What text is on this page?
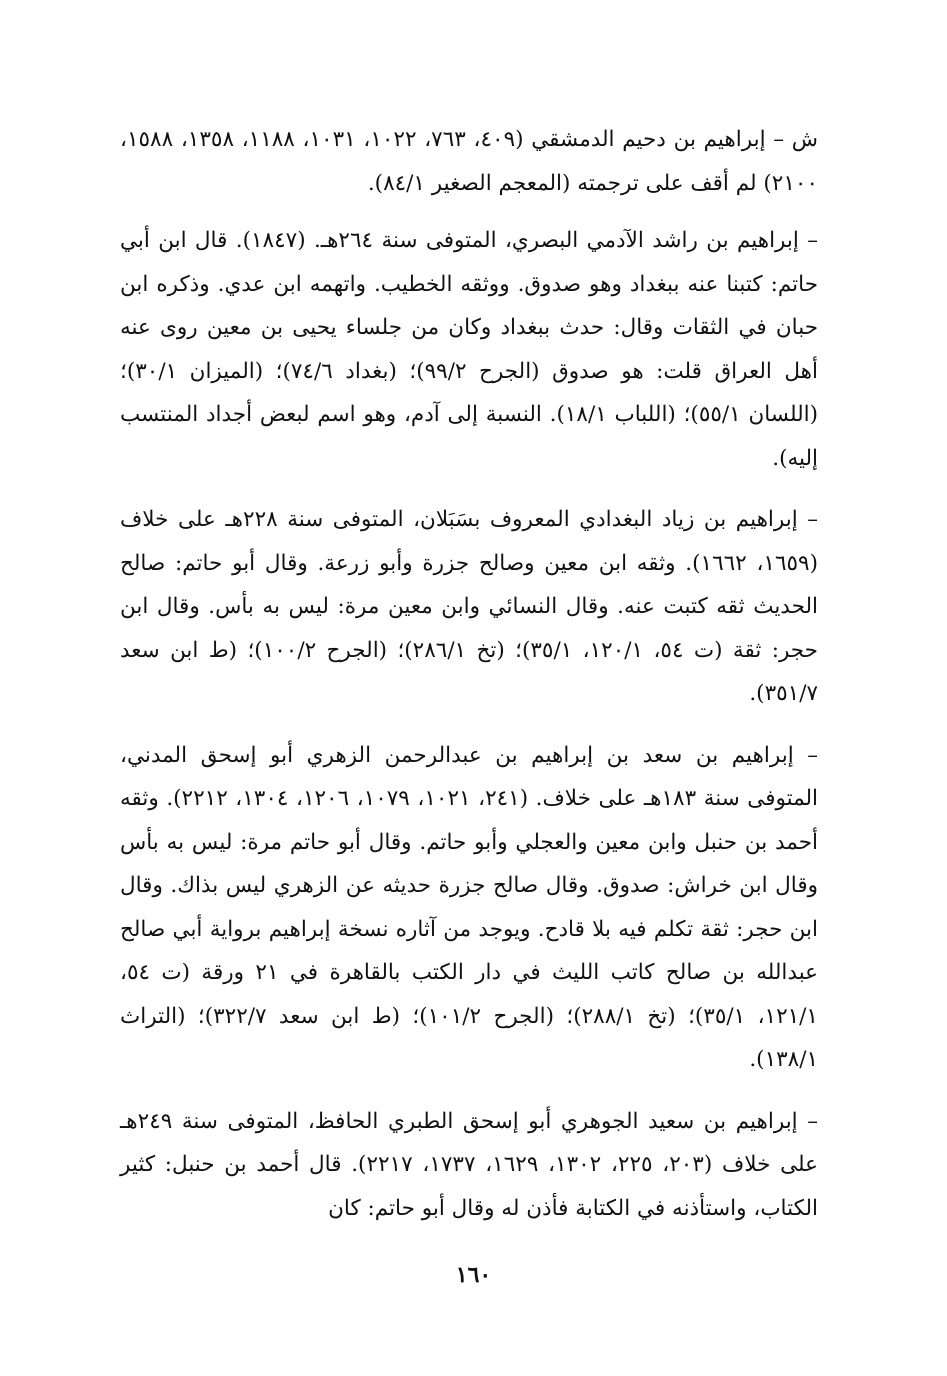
ش – إبراهيم بن دحيم الدمشقي (٤٠٩، ٧٦٣، ١٠٢٢، ١٠٣١، ١١٨٨، ١٣٥٨، ١٥٨٨، ٢١٠٠) لم أقف على ترجمته (المعجم الصغير ٨٤/١).

– إبراهيم بن راشد الآدمي البصري، المتوفى سنة ٢٦٤هـ. (١٨٤٧). قال ابن أبي حاتم: كتبنا عنه ببغداد وهو صدوق. ووثقه الخطيب. واتهمه ابن عدي. وذكره ابن حبان في الثقات وقال: حدث ببغداد وكان من جلساء يحيى بن معين روى عنه أهل العراق قلت: هو صدوق (الجرح ٩٩/٢)؛ (بغداد ٧٤/٦)؛ (الميزان ٣٠/١)؛ (اللسان ٥٥/١)؛ (اللباب ١٨/١). النسبة إلى آدم، وهو اسم لبعض أجداد المنتسب إليه).

– إبراهيم بن زياد البغدادي المعروف بسَبَلان، المتوفى سنة ٢٢٨هـ على خلاف (١٦٥٩، ١٦٦٢). وثقه ابن معين وصالح جزرة وأبو زرعة. وقال أبو حاتم: صالح الحديث ثقه كتبت عنه. وقال النسائي وابن معين مرة: ليس به بأس. وقال ابن حجر: ثقة (ت ٥٤، ١٢٠/١، ٣٥/١)؛ (تخ ٢٨٦/١)؛ (الجرح ١٠٠/٢)؛ (ط ابن سعد ٣٥١/٧).

– إبراهيم بن سعد بن إبراهيم بن عبدالرحمن الزهري أبو إسحق المدني، المتوفى سنة ١٨٣هـ على خلاف. (٢٤١، ١٠٢١، ١٠٧٩، ١٢٠٦، ١٣٠٤، ٢٢١٢). وثقه أحمد بن حنبل وابن معين والعجلي وأبو حاتم. وقال أبو حاتم مرة: ليس به بأس وقال ابن خراش: صدوق. وقال صالح جزرة حديثه عن الزهري ليس بذاك. وقال ابن حجر: ثقة تكلم فيه بلا قادح. ويوجد من آثاره نسخة إبراهيم برواية أبي صالح عبدالله بن صالح كاتب الليث في دار الكتب بالقاهرة في ٢١ ورقة (ت ٥٤، ١٢١/١، ٣٥/١)؛ (تخ ٢٨٨/١)؛ (الجرح ١٠١/٢)؛ (ط ابن سعد ٣٢٢/٧)؛ (التراث ١٣٨/١).

– إبراهيم بن سعيد الجوهري أبو إسحق الطبري الحافظ، المتوفى سنة ٢٤٩هـ على خلاف (٢٠٣، ٢٢٥، ١٣٠٢، ١٦٢٩، ١٧٣٧، ٢٢١٧). قال أحمد بن حنبل: كثير الكتاب، واستأذنه في الكتابة فأذن له وقال أبو حاتم: كان

١٦٠
